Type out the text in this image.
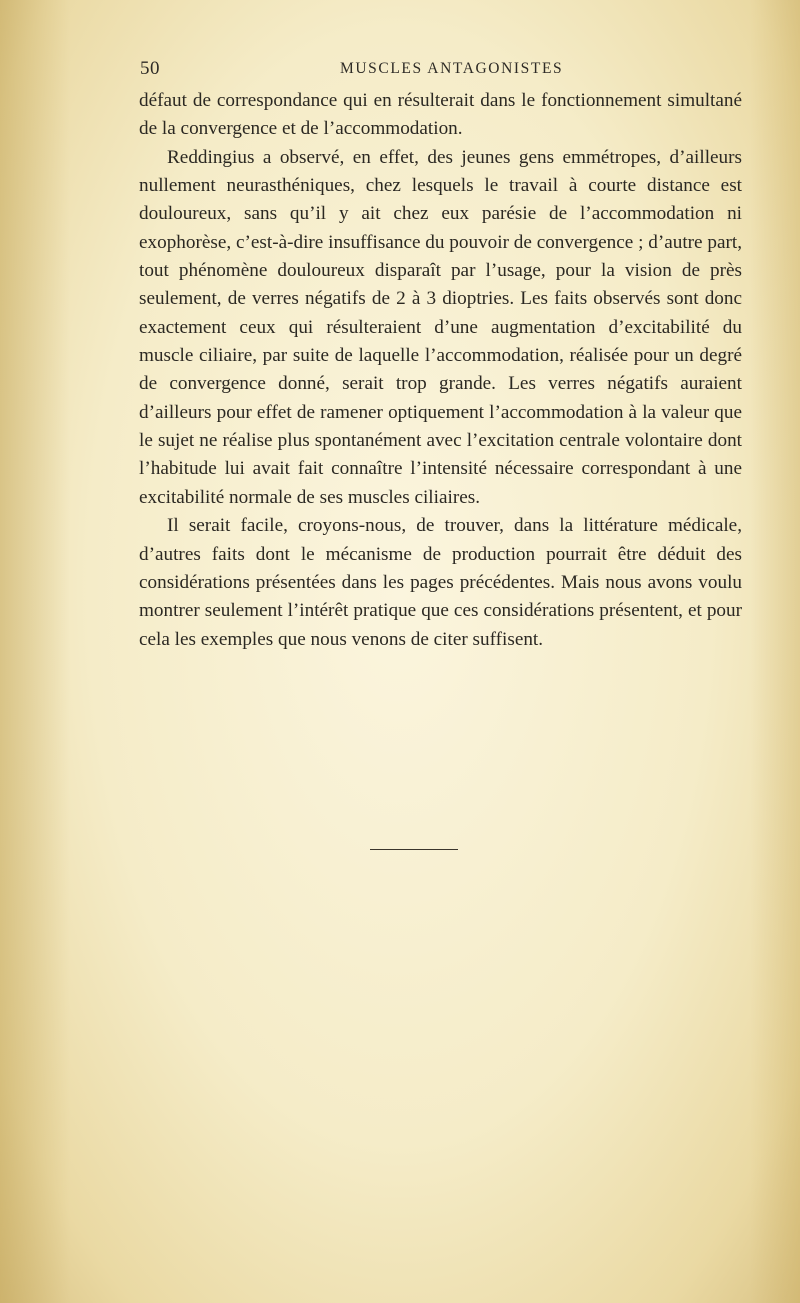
50	MUSCLES ANTAGONISTES

défaut de correspondance qui en résulterait dans le fonctionnement simultané de la convergence et de l’accommodation.

Reddingius a observé, en effet, des jeunes gens emmétropes, d’ailleurs nullement neurasthéniques, chez lesquels le travail à courte distance est douloureux, sans qu’il y ait chez eux parésie de l’accommodation ni exophorèse, c’est-à-dire insuffisance du pouvoir de convergence ; d’autre part, tout phénomène douloureux disparaît par l’usage, pour la vision de près seulement, de verres négatifs de 2 à 3 dioptries. Les faits observés sont donc exactement ceux qui résulteraient d’une augmentation d’excitabilité du muscle ciliaire, par suite de laquelle l’accommodation, réalisée pour un degré de convergence donné, serait trop grande. Les verres négatifs auraient d’ailleurs pour effet de ramener optiquement l’accommodation à la valeur que le sujet ne réalise plus spontanément avec l’excitation centrale volontaire dont l’habitude lui avait fait connaître l’intensité nécessaire correspondant à une excitabilité normale de ses muscles ciliaires.

Il serait facile, croyons-nous, de trouver, dans la littérature médicale, d’autres faits dont le mécanisme de production pourrait être déduit des considérations présentées dans les pages précédentes. Mais nous avons voulu montrer seulement l’intérêt pratique que ces considérations présentent, et pour cela les exemples que nous venons de citer suffisent.
